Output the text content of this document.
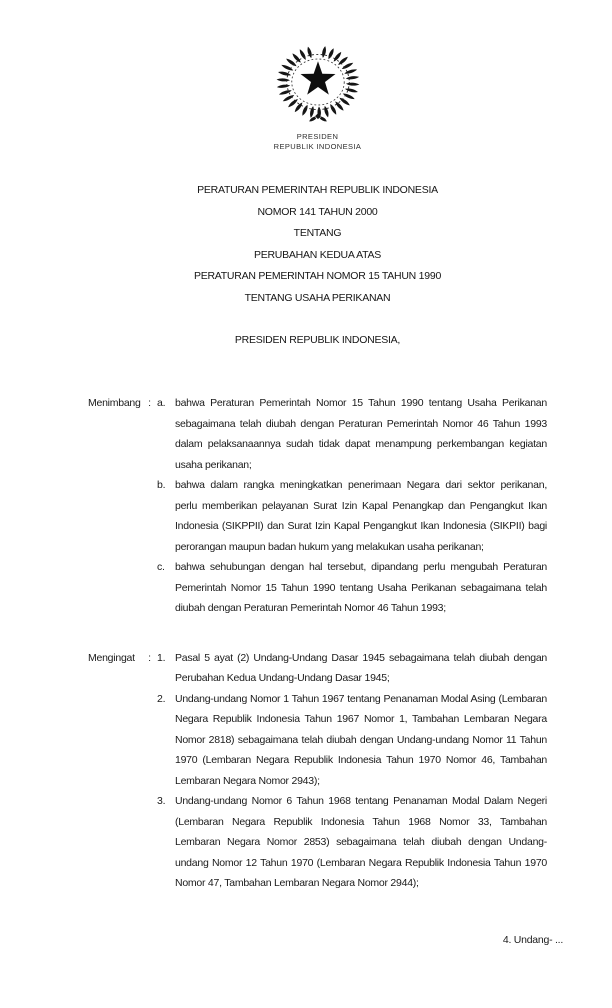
PRESIDEN
REPUBLIK INDONESIA
PERATURAN PEMERINTAH REPUBLIK INDONESIA
NOMOR 141 TAHUN 2000
TENTANG
PERUBAHAN KEDUA ATAS
PERATURAN PEMERINTAH NOMOR 15 TAHUN 1990
TENTANG USAHA PERIKANAN
PRESIDEN REPUBLIK INDONESIA,
Menimbang : a. bahwa Peraturan Pemerintah Nomor 15 Tahun 1990 tentang Usaha Perikanan sebagaimana telah diubah dengan Peraturan Pemerintah Nomor 46 Tahun 1993 dalam pelaksanaannya sudah tidak dapat menampung perkembangan kegiatan usaha perikanan;
b. bahwa dalam rangka meningkatkan penerimaan Negara dari sektor perikanan, perlu memberikan pelayanan Surat Izin Kapal Penangkap dan Pengangkut Ikan Indonesia (SIKPPII) dan Surat Izin Kapal Pengangkut Ikan Indonesia (SIKPII) bagi perorangan maupun badan hukum yang melakukan usaha perikanan;
c. bahwa sehubungan dengan hal tersebut, dipandang perlu mengubah Peraturan Pemerintah Nomor 15 Tahun 1990 tentang Usaha Perikanan sebagaimana telah diubah dengan Peraturan Pemerintah Nomor 46 Tahun 1993;
Mengingat	: 1. Pasal 5 ayat (2) Undang-Undang Dasar 1945 sebagaimana telah diubah dengan Perubahan Kedua Undang-Undang Dasar 1945;
2. Undang-undang Nomor 1 Tahun 1967 tentang Penanaman Modal Asing (Lembaran Negara Republik Indonesia Tahun 1967 Nomor 1, Tambahan Lembaran Negara Nomor 2818) sebagaimana telah diubah dengan Undang-undang Nomor 11 Tahun 1970 (Lembaran Negara Republik Indonesia Tahun 1970 Nomor 46, Tambahan Lembaran Negara Nomor 2943);
3. Undang-undang Nomor 6 Tahun 1968 tentang Penanaman Modal Dalam Negeri (Lembaran Negara Republik Indonesia Tahun 1968 Nomor 33, Tambahan Lembaran Negara Nomor 2853) sebagaimana telah diubah dengan Undang-undang Nomor 12 Tahun 1970 (Lembaran Negara Republik Indonesia Tahun 1970 Nomor 47, Tambahan Lembaran Negara Nomor 2944);
4. Undang- ...
